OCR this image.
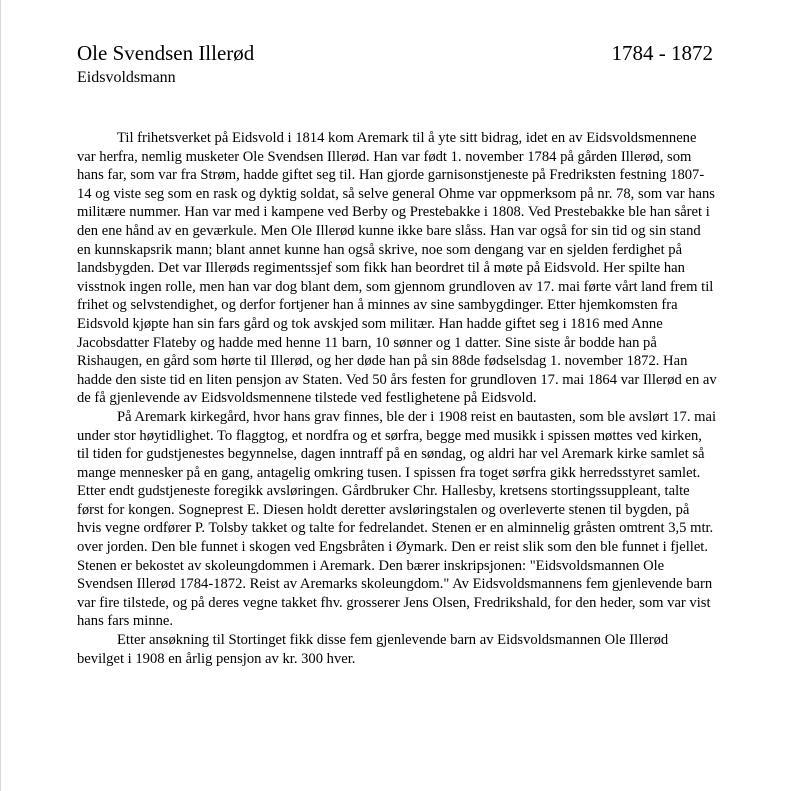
Ole Svendsen Illerød	1784 - 1872
Eidsvoldsmann

Til frihetsverket på Eidsvold i 1814 kom Aremark til å yte sitt bidrag, idet en av Eidsvoldsmennene var herfra, nemlig musketer Ole Svendsen Illerød. Han var født 1. november 1784 på gården Illerød, som hans far, som var fra Strøm, hadde giftet seg til. Han gjorde garnisonstjeneste på Fredriksten festning 1807-14 og viste seg som en rask og dyktig soldat, så selve general Ohme var oppmerksom på nr. 78, som var hans militære nummer. Han var med i kampene ved Berby og Prestebakke i 1808. Ved Prestebakke ble han såret i den ene hånd av en geværkule. Men Ole Illerød kunne ikke bare slåss. Han var også for sin tid og sin stand en kunnskapsrik mann; blant annet kunne han også skrive, noe som dengang var en sjelden ferdighet på landsbygden. Det var Illerøds regimentssjef som fikk han beordret til å møte på Eidsvold. Her spilte han visstnok ingen rolle, men han var dog blant dem, som gjennom grundloven av 17. mai førte vårt land frem til frihet og selvstendighet, og derfor fortjener han å minnes av sine sambygdinger. Etter hjemkomsten fra Eidsvold kjøpte han sin fars gård og tok avskjed som militær. Han hadde giftet seg i 1816 med Anne Jacobsdatter Flateby og hadde med henne 11 barn, 10 sønner og 1 datter. Sine siste år bodde han på Rishaugen, en gård som hørte til Illerød, og her døde han på sin 88de fødselsdag 1. november 1872. Han hadde den siste tid en liten pensjon av Staten. Ved 50 års festen for grundloven 17. mai 1864 var Illerød en av de få gjenlevende av Eidsvoldsmennene tilstede ved festlighetene på Eidsvold.

På Aremark kirkegård, hvor hans grav finnes, ble der i 1908 reist en bautasten, som ble avslørt 17. mai under stor høytidlighet. To flaggtog, et nordfra og et sørfra, begge med musikk i spissen møttes ved kirken, til tiden for gudstjenestes begynnelse, dagen inntraff på en søndag, og aldri har vel Aremark kirke samlet så mange mennesker på en gang, antagelig omkring tusen. I spissen fra toget sørfra gikk herredsstyret samlet. Etter endt gudstjeneste foregikk avsløringen. Gårdbruker Chr. Hallesby, kretsens stortingssuppleant, talte først for kongen. Sogneprest E. Diesen holdt deretter avsløringstalen og overleverte stenen til bygden, på hvis vegne ordfører P. Tolsby takket og talte for fedrelandet. Stenen er en alminnelig gråsten omtrent 3,5 mtr. over jorden. Den ble funnet i skogen ved Engsbråten i Øymark. Den er reist slik som den ble funnet i fjellet. Stenen er bekostet av skoleungdommen i Aremark. Den bærer inskripsjonen: "Eidsvoldsmannen Ole Svendsen Illerød 1784-1872. Reist av Aremarks skoleungdom." Av Eidsvoldsmannens fem gjenlevende barn var fire tilstede, og på deres vegne takket fhv. grosserer Jens Olsen, Fredrikshald, for den heder, som var vist hans fars minne.

Etter ansøkning til Stortinget fikk disse fem gjenlevende barn av Eidsvoldsmannen Ole Illerød bevilget i 1908 en årlig pensjon av kr. 300 hver.
